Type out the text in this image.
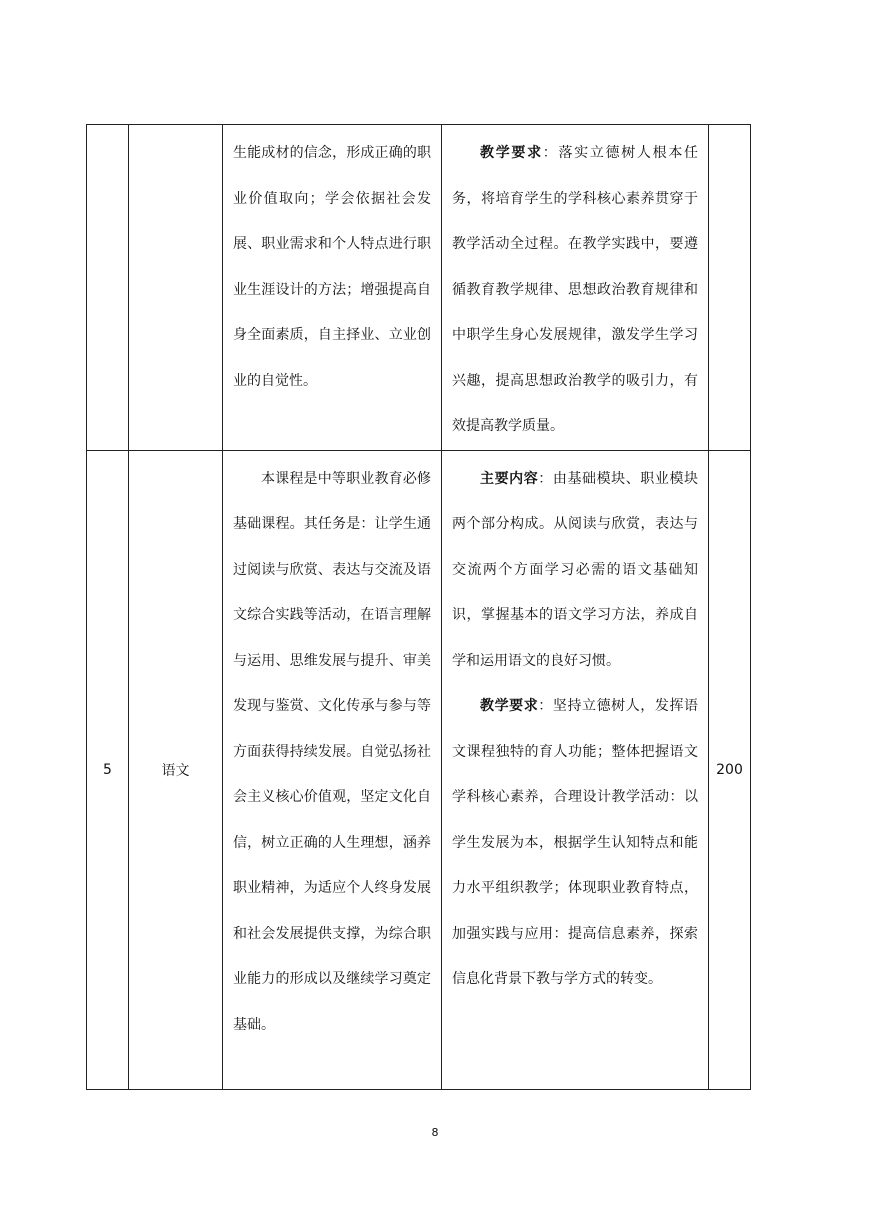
		生能成材的信念，形成正确的职业价值取向；学会依据社会发展、职业需求和个人特点进行职业生涯设计的方法；增强提高自身全面素质，自主择业、立业创业的自觉性。	教学要求：落实立德树人根本任务，将培育学生的学科核心素养贯穿于教学活动全过程。在教学实践中，要遵循教育教学规律、思想政治教育规律和中职学生身心发展规律，激发学生学习兴趣，提高思想政治教学的吸引力，有效提高教学质量。	

5	语文	本课程是中等职业教育必修基础课程。其任务是：让学生通过阅读与欣赏、表达与交流及语文综合实践等活动，在语言理解与运用、思维发展与提升、审美发现与鉴赏、文化传承与参与等方面获得持续发展。自觉弘扬社会主义核心价值观，坚定文化自信，树立正确的人生理想，涵养职业精神，为适应个人终身发展和社会发展提供支撑，为综合职业能力的形成以及继续学习奠定基础。	主要内容：由基础模块、职业模块两个部分构成。从阅读与欣赏，表达与交流两个方面学习必需的语文基础知识，掌握基本的语文学习方法，养成自学和运用语文的良好习惯。

教学要求：坚持立德树人，发挥语文课程独特的育人功能；整体把握语文学科核心素养，合理设计教学活动：以学生发展为本，根据学生认知特点和能力水平组织教学；体现职业教育特点，加强实践与应用：提高信息素养，探索信息化背景下教与学方式的转变。	200
8
